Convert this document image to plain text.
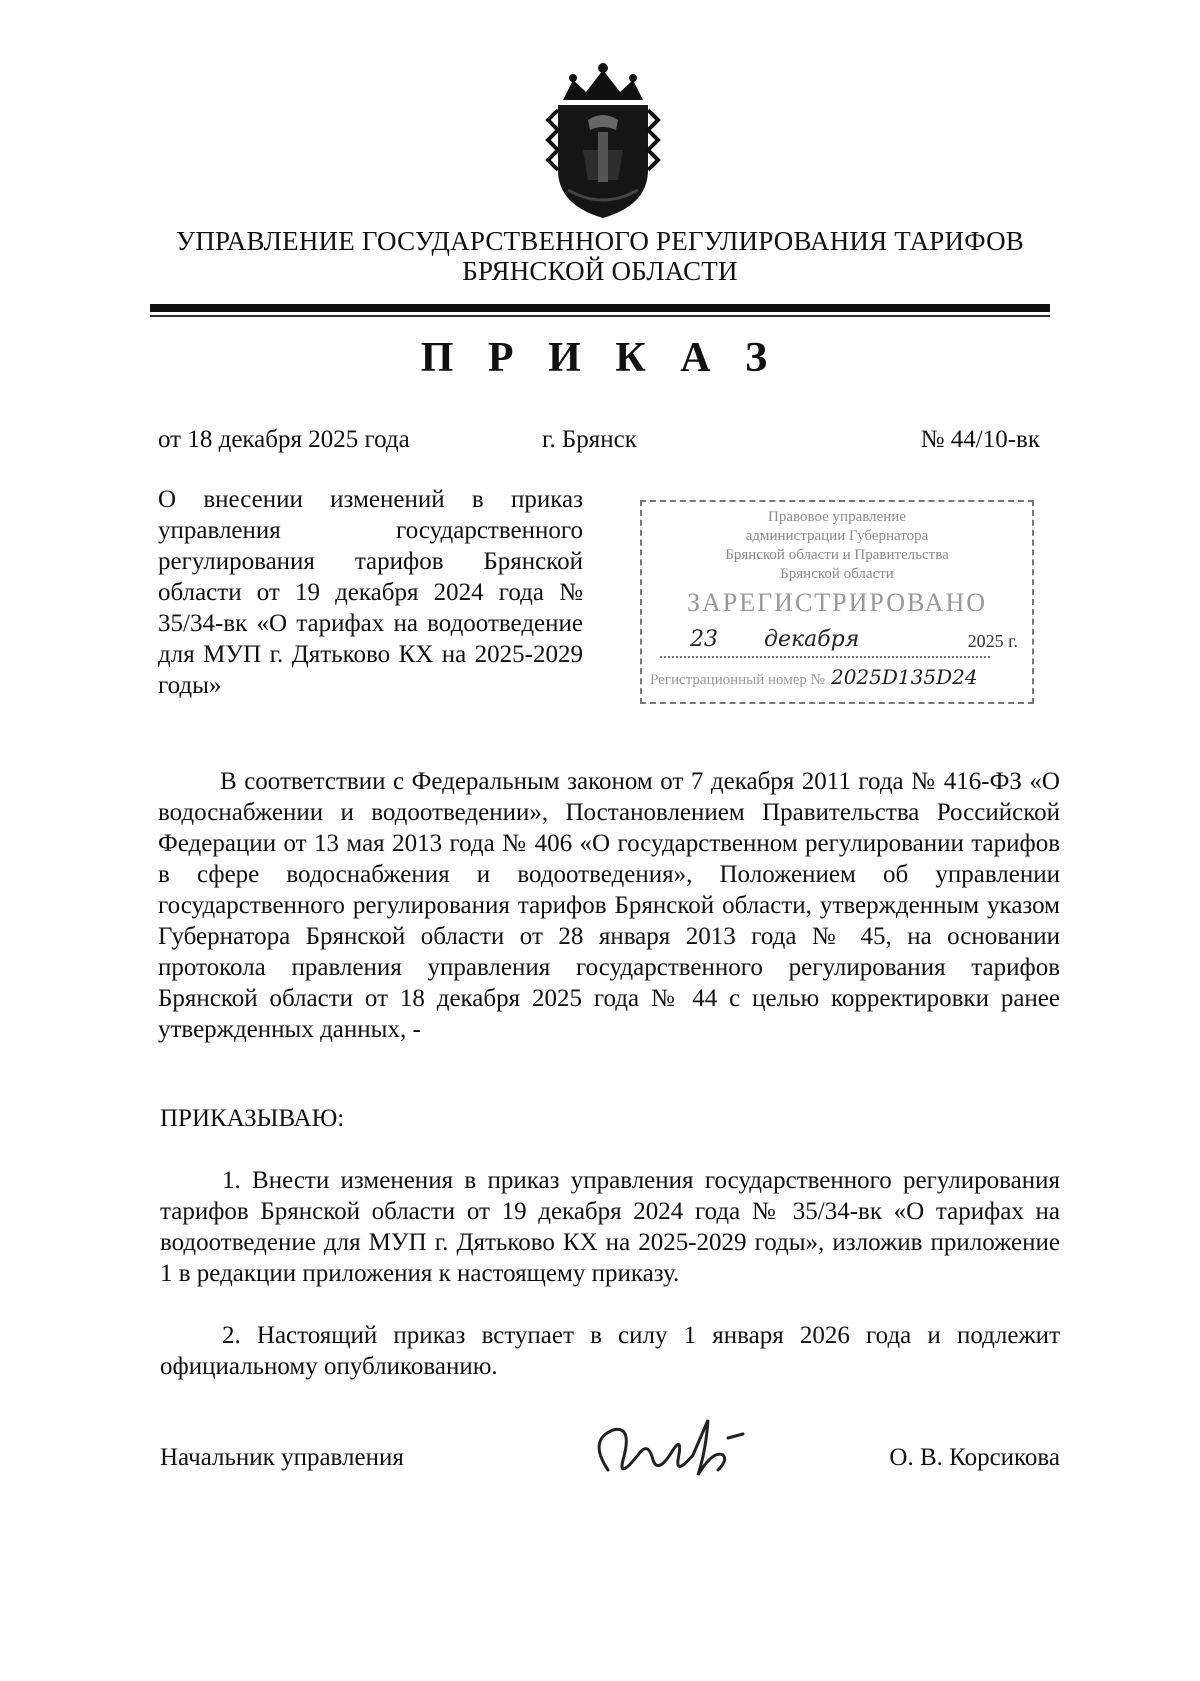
УПРАВЛЕНИЕ ГОСУДАРСТВЕННОГО РЕГУЛИРОВАНИЯ ТАРИФОВ
БРЯНСКОЙ ОБЛАСТИ
П Р И К А З
от 18 декабря 2025 года	г. Брянск	№ 44/10-вк
О внесении изменений в приказ управления государственного регулирования тарифов Брянской области от 19 декабря 2024 года № 35/34-вк «О тарифах на водоотведение для МУП г. Дятьково КХ на 2025-2029 годы»
Правовое управление
администрации Губернатора
Брянской области и Правительства
Брянской области
ЗАРЕГИСТРИРОВАНО
23 декабря	2025 г.
Регистрационный номер № 2025D135D24
В соответствии с Федеральным законом от 7 декабря 2011 года № 416-ФЗ «О водоснабжении и водоотведении», Постановлением Правительства Российской Федерации от 13 мая 2013 года № 406 «О государственном регулировании тарифов в сфере водоснабжения и водоотведения», Положением об управлении государственного регулирования тарифов Брянской области, утвержденным указом Губернатора Брянской области от 28 января 2013 года № 45, на основании протокола правления управления государственного регулирования тарифов Брянской области от 18 декабря 2025 года № 44 с целью корректировки ранее утвержденных данных, -
ПРИКАЗЫВАЮ:
1. Внести изменения в приказ управления государственного регулирования тарифов Брянской области от 19 декабря 2024 года № 35/34-вк «О тарифах на водоотведение для МУП г. Дятьково КХ на 2025-2029 годы», изложив приложение 1 в редакции приложения к настоящему приказу.
2. Настоящий приказ вступает в силу 1 января 2026 года и подлежит официальному опубликованию.
Начальник управления	О. В. Корсикова
